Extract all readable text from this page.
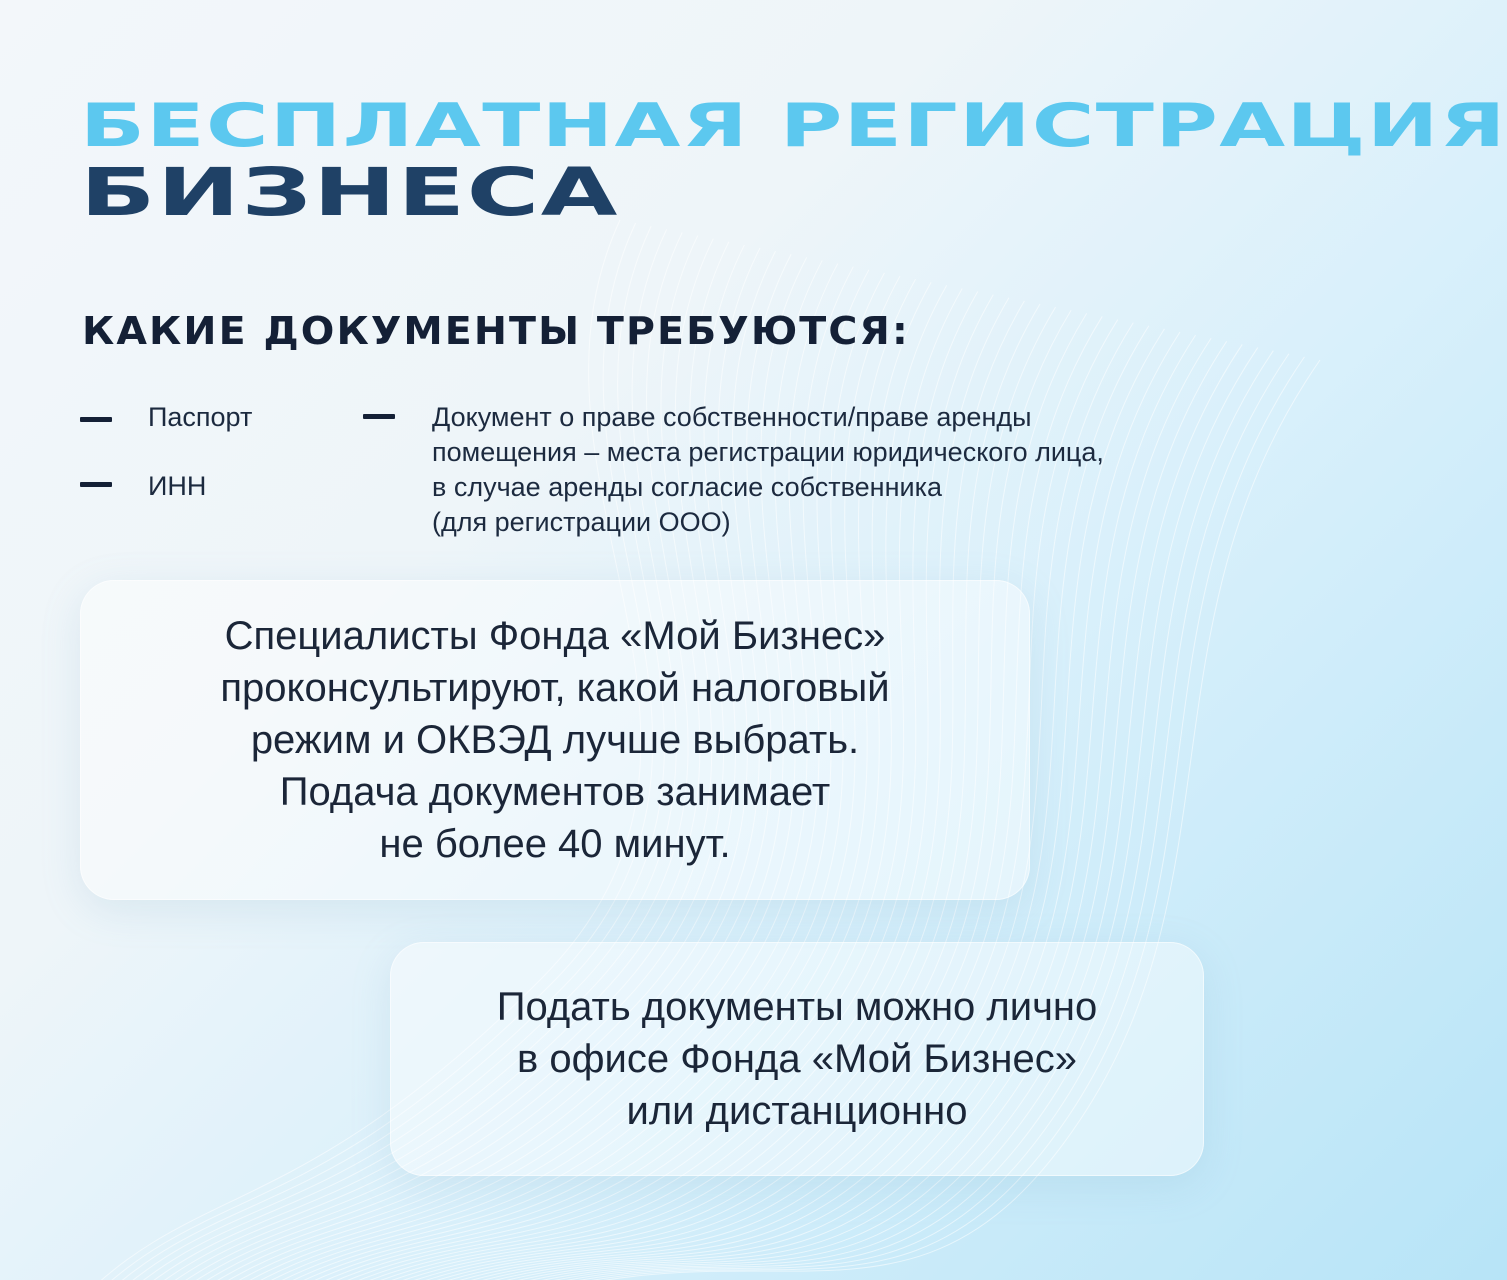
БЕСПЛАТНАЯ РЕГИСТРАЦИЯ
БИЗНЕСА
КАКИЕ ДОКУМЕНТЫ ТРЕБУЮТСЯ:
Паспорт
ИНН
Документ о праве собственности/праве аренды
помещения – места регистрации юридического лица,
в случае аренды согласие собственника
(для регистрации ООО)
Специалисты Фонда «Мой Бизнес»
проконсультируют, какой налоговый
режим и ОКВЭД лучше выбрать.
Подача документов занимает
не более 40 минут.
Подать документы можно лично
в офисе Фонда «Мой Бизнес»
или дистанционно
